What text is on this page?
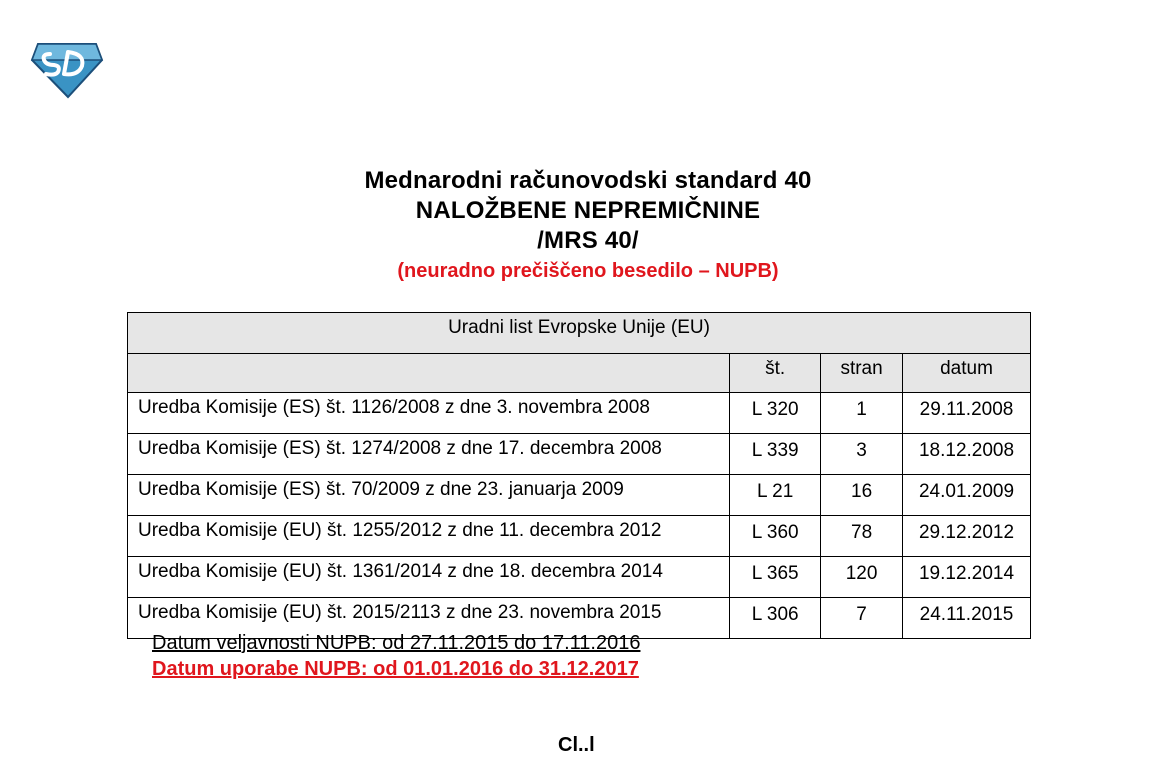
Mednarodni računovodski standard 40
NALOŽBENE NEPREMIČNINE
/MRS 40/
(neuradno prečiščeno besedilo – NUPB)
Uradni list Evropske Unije (EU)			
	št.	stran	datum
Uredba Komisije (ES) št. 1126/2008 z dne 3. novembra 2008	L 320	1	29.11.2008
Uredba Komisije (ES) št. 1274/2008 z dne 17. decembra 2008	L 339	3	18.12.2008
Uredba Komisije (ES) št. 70/2009 z dne 23. januarja 2009	L 21	16	24.01.2009
Uredba Komisije (EU) št. 1255/2012 z dne 11. decembra 2012	L 360	78	29.12.2012
Uredba Komisije (EU) št. 1361/2014 z dne 18. decembra 2014	L 365	120	19.12.2014
Uredba Komisije (EU) št. 2015/2113 z dne 23. novembra 2015	L 306	7	24.11.2015
Datum veljavnosti NUPB: od 27.11.2015 do 17.11.2016
Datum uporabe NUPB: od 01.01.2016 do 31.12.2017
Cl..l
